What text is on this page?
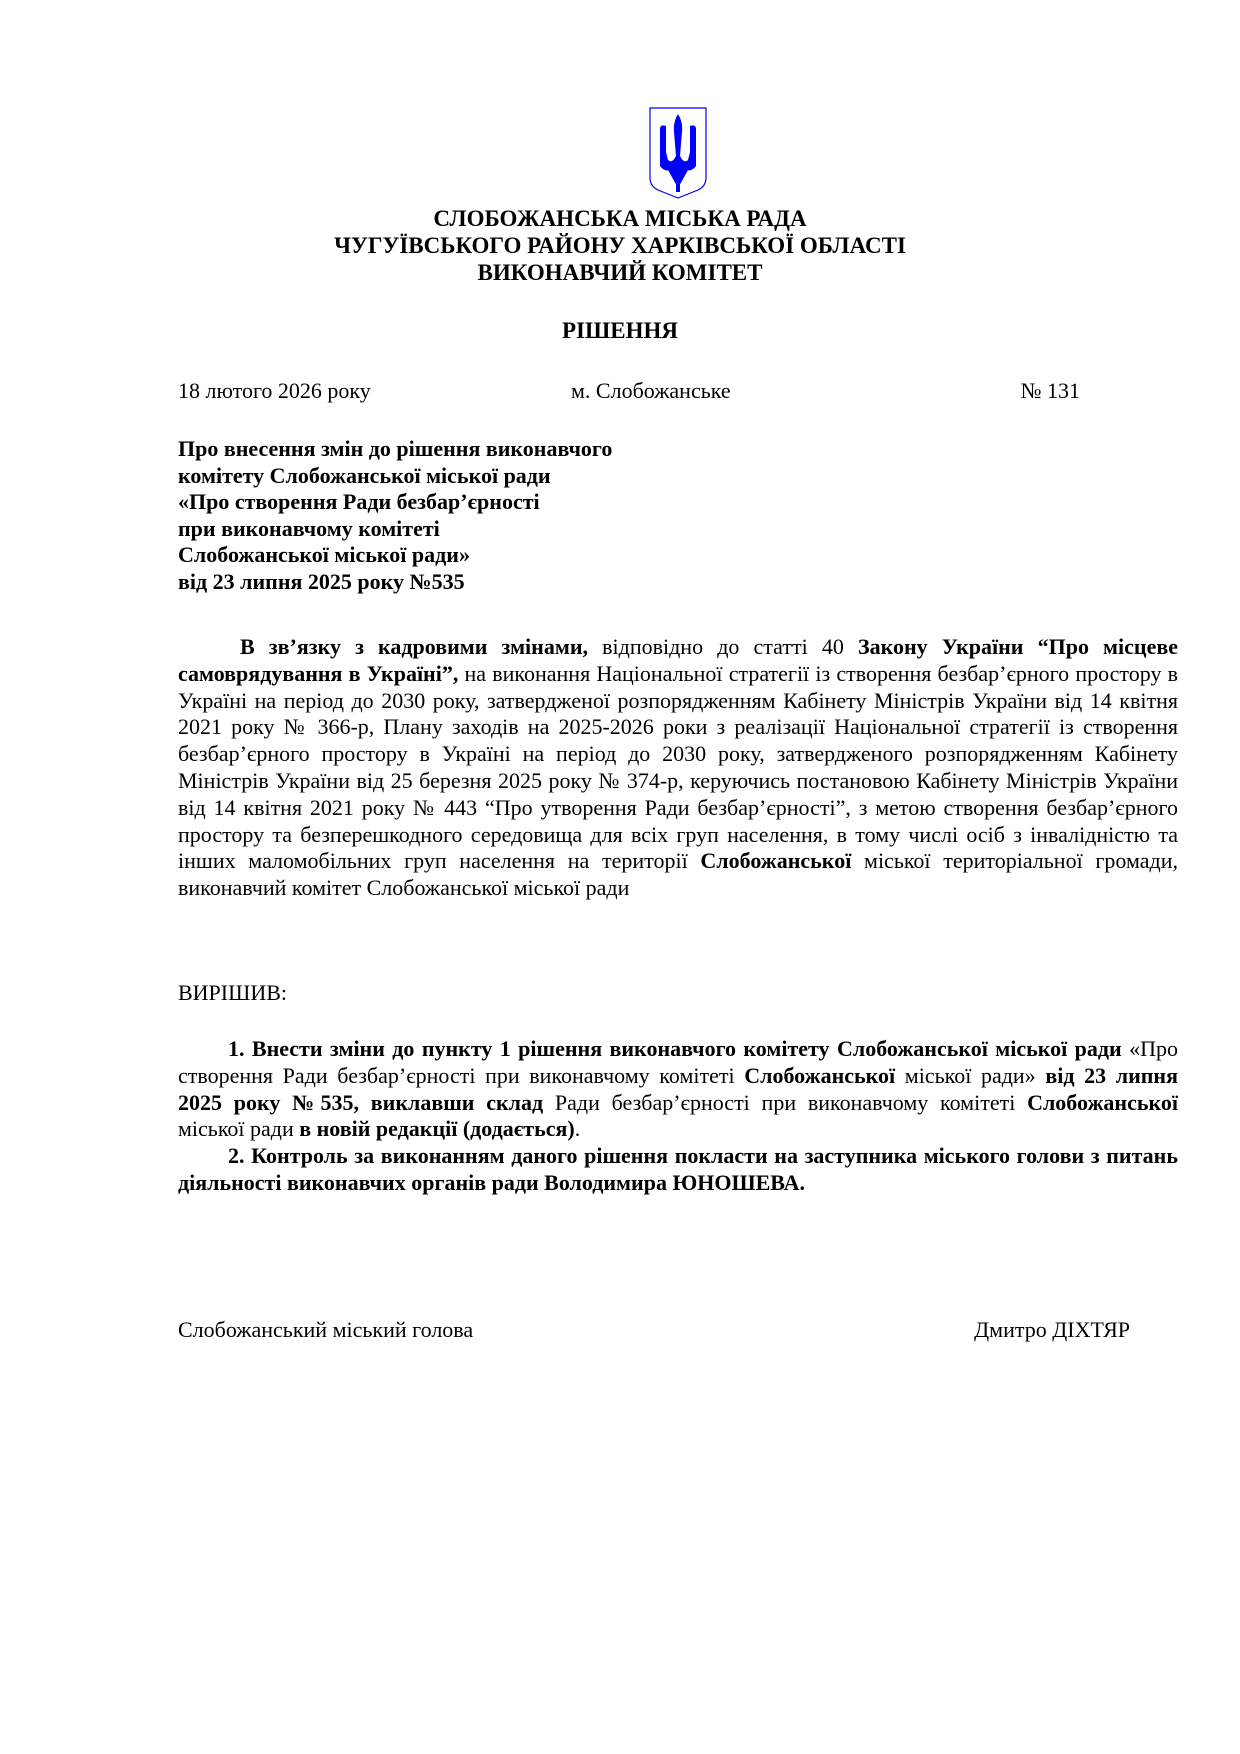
СЛОБОЖАНСЬКА МІСЬКА РАДА
ЧУГУЇВСЬКОГО РАЙОНУ ХАРКІВСЬКОЇ ОБЛАСТІ
ВИКОНАВЧИЙ КОМІТЕТ
РІШЕННЯ
18 лютого 2026 року	м. Слобожанське	№ 131
Про внесення змін до рішення виконавчого
комітету Слобожанської міської ради
«Про створення Ради безбар’єрності
при виконавчому комітеті
Слобожанської міської ради»
від 23 липня 2025 року №535
В зв’язку з кадровими змінами, відповідно до статті 40 Закону України “Про місцеве самоврядування в Україні”, на виконання Національної стратегії із створення безбар’єрного простору в Україні на період до 2030 року, затвердженої розпорядженням Кабінету Міністрів України від 14 квітня 2021 року № 366-р, Плану заходів на 2025-2026 роки з реалізації Національної стратегії із створення безбар’єрного простору в Україні на період до 2030 року, затвердженого розпорядженням Кабінету Міністрів України від 25 березня 2025 року № 374-р, керуючись постановою Кабінету Міністрів України від 14 квітня 2021 року № 443 “Про утворення Ради безбар’єрності”, з метою створення безбар’єрного простору та безперешкодного середовища для всіх груп населення, в тому числі осіб з інвалідністю та інших маломобільних груп населення на території Слобожанської міської територіальної громади, виконавчий комітет Слобожанської міської ради
ВИРІШИВ:
1. Внести зміни до пункту 1 рішення виконавчого комітету Слобожанської міської ради «Про створення Ради безбар’єрності при виконавчому комітеті Слобожанської міської ради» від 23 липня 2025 року №535, виклавши склад Ради безбар’єрності при виконавчому комітеті Слобожанської міської ради в новій редакції (додається).
2. Контроль за виконанням даного рішення покласти на заступника міського голови з питань діяльності виконавчих органів ради Володимира ЮНОШЕВА.
Слобожанський міський голова	Дмитро ДІХТЯР
